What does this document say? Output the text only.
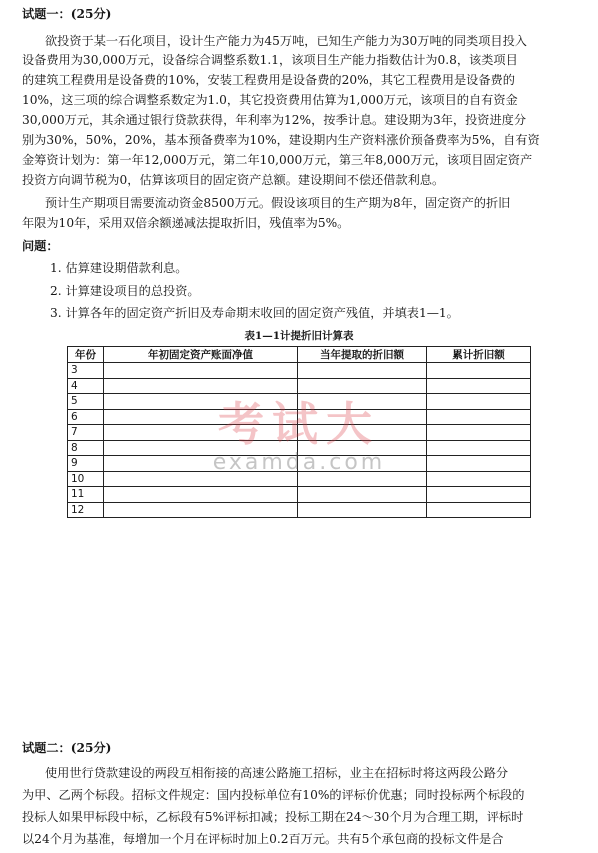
试题一：(25分)
欲投资于某一石化项目，设计生产能力为45万吨，已知生产能力为30万吨的同类项目投入
设备费用为30,000万元，设备综合调整系数1.1，该项目生产能力指数估计为0.8，该类项目
的建筑工程费用是设备费的10%，安装工程费用是设备费的20%，其它工程费用是设备费的
10%，这三项的综合调整系数定为1.0，其它投资费用估算为1,000万元，该项目的自有资金
30,000万元，其余通过银行贷款获得，年利率为12%，按季计息。建设期为3年，投资进度分
别为30%，50%，20%，基本预备费率为10%，建设期内生产资料涨价预备费率为5%，自有资
金筹资计划为：第一年12,000万元，第二年10,000万元，第三年8,000万元，该项目固定资产
投资方向调节税为0，估算该项目的固定资产总额。建设期间不偿还借款利息。
预计生产期项目需要流动资金8500万元。假设该项目的生产期为8年，固定资产的折旧
年限为10年，采用双倍余额递减法提取折旧，残值率为5%。
问题：
1. 估算建设期借款利息。
2. 计算建设项目的总投资。
3. 计算各年的固定资产折旧及寿命期末收回的固定资产残值，并填表1—1。
表1—1计提折旧计算表
年份	年初固定资产账面净值	当年提取的折旧额	累计折旧额
3			
4			
5			
6			
7			
8			
9			
10			
11			
12			
考试大
examda.com
试题二：(25分)
使用世行贷款建设的两段互相衔接的高速公路施工招标，业主在招标时将这两段公路分
为甲、乙两个标段。招标文件规定：国内投标单位有10%的评标价优惠；同时投标两个标段的
投标人如果甲标段中标，乙标段有5%评标扣减；投标工期在24～30个月为合理工期，评标时
以24个月为基准，每增加一个月在评标时加上0.2百万元。共有5个承包商的投标文件是合
